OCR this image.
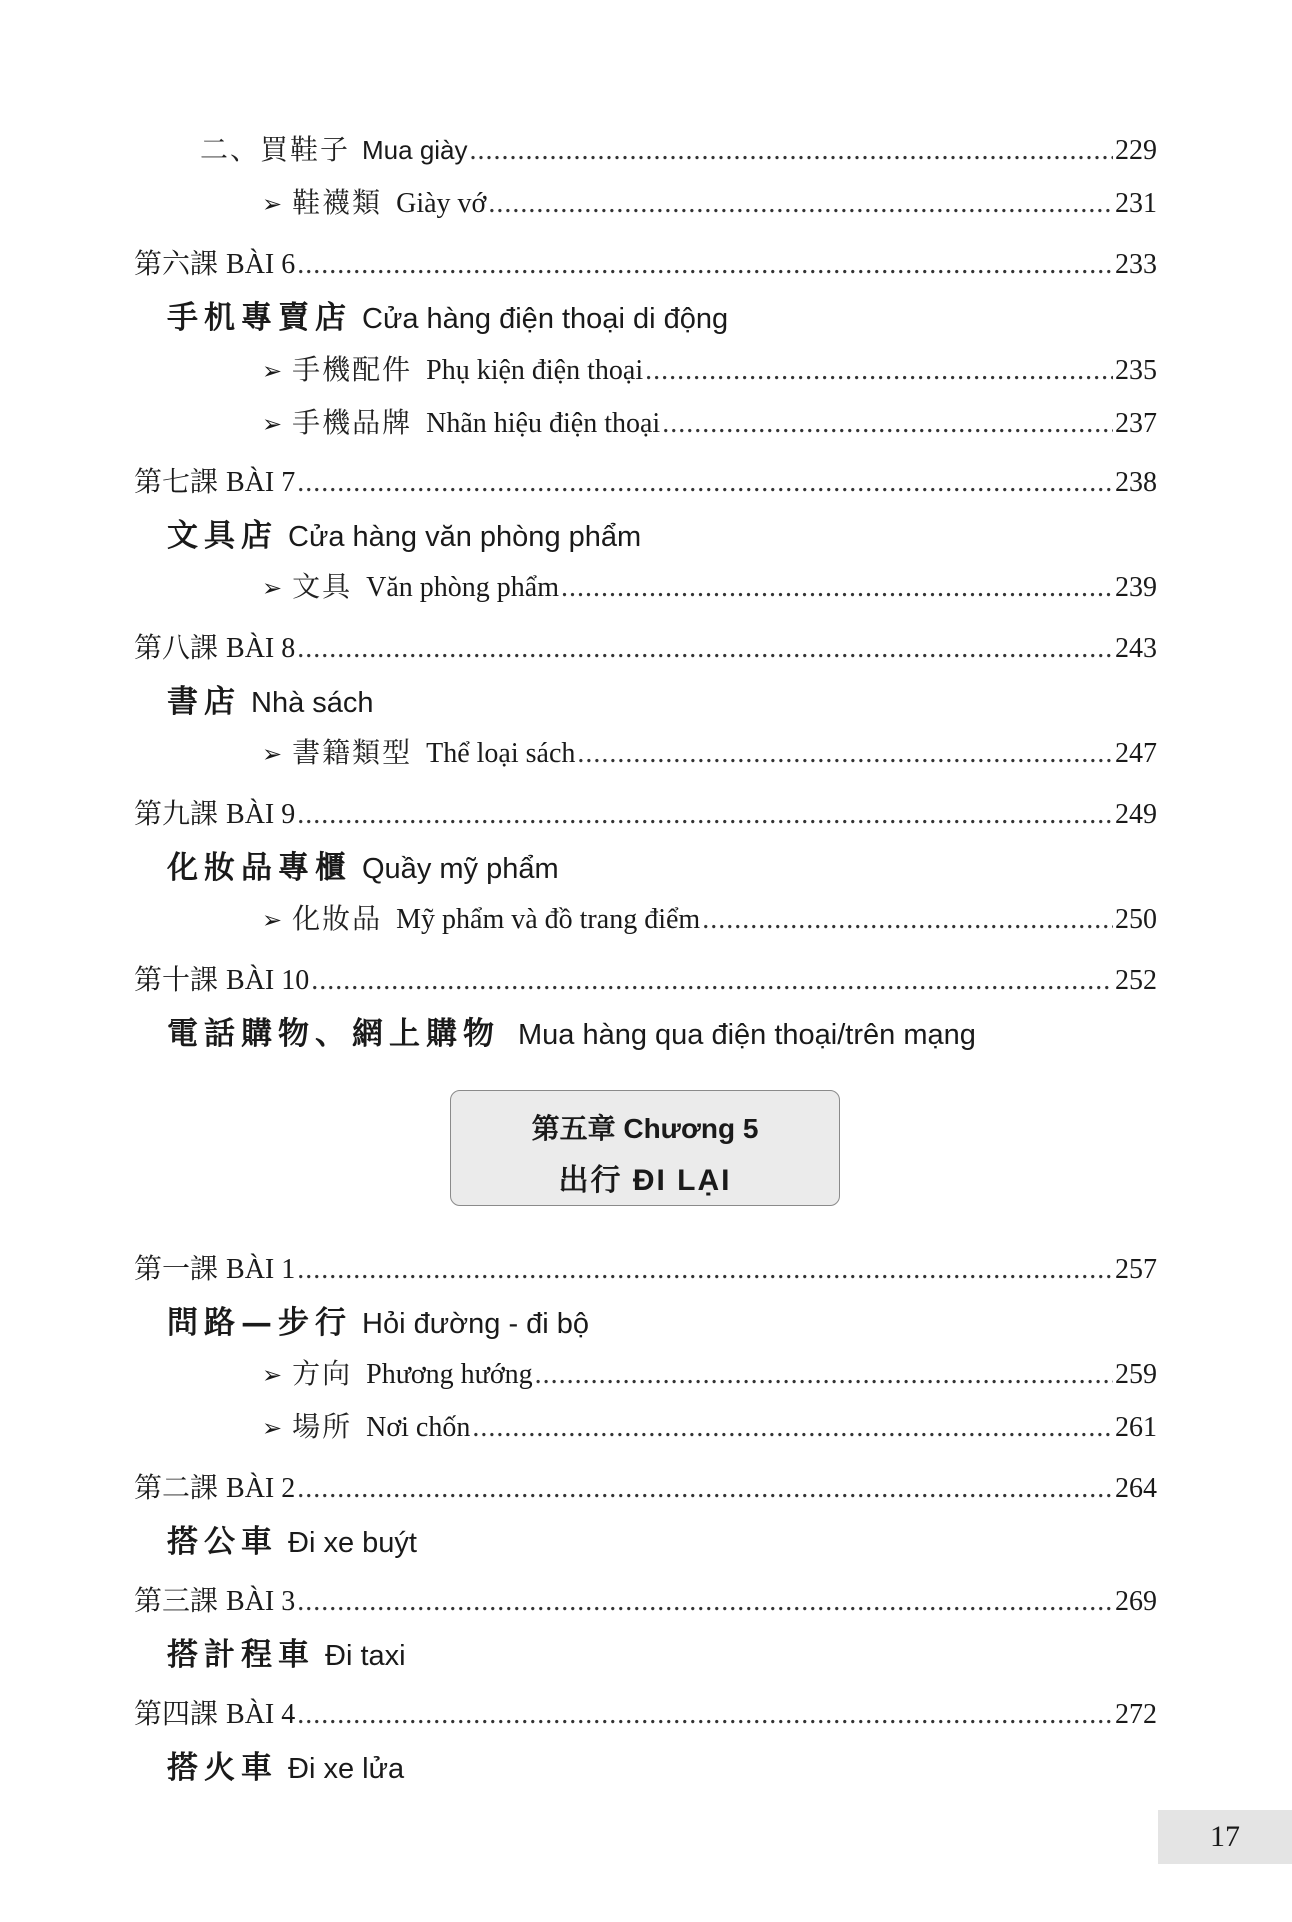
二、買鞋子 Mua giày .....	229
➢ 鞋襪類 Giày vớ .....	231
第六課 BÀI 6 .....	233
手机專賣店 Cửa hàng điện thoại di động
➢ 手機配件 Phụ kiện điện thoại .....	235
➢ 手機品牌 Nhãn hiệu điện thoại .....	237
第七課 BÀI 7 .....	238
文具店 Cửa hàng văn phòng phẩm
➢ 文具 Văn phòng phẩm .....	239
第八課 BÀI 8 .....	243
書店 Nhà sách
➢ 書籍類型 Thể loại sách .....	247
第九課 BÀI 9 .....	249
化妝品專櫃 Quầy mỹ phẩm
➢ 化妝品 Mỹ phẩm và đồ trang điểm .....	250
第十課 BÀI 10 .....	252
電話購物、網上購物 Mua hàng qua điện thoại/trên mạng
第五章 Chương 5
出行 ĐI LẠI
第一課 BÀI 1 .....	257
問路—步行 Hỏi đường - đi bộ
➢ 方向 Phương hướng .....	259
➢ 場所 Nơi chốn .....	261
第二課 BÀI 2 .....	264
搭公車 Đi xe buýt
第三課 BÀI 3 .....	269
搭計程車 Đi taxi
第四課 BÀI 4 .....	272
搭火車 Đi xe lửa
17
